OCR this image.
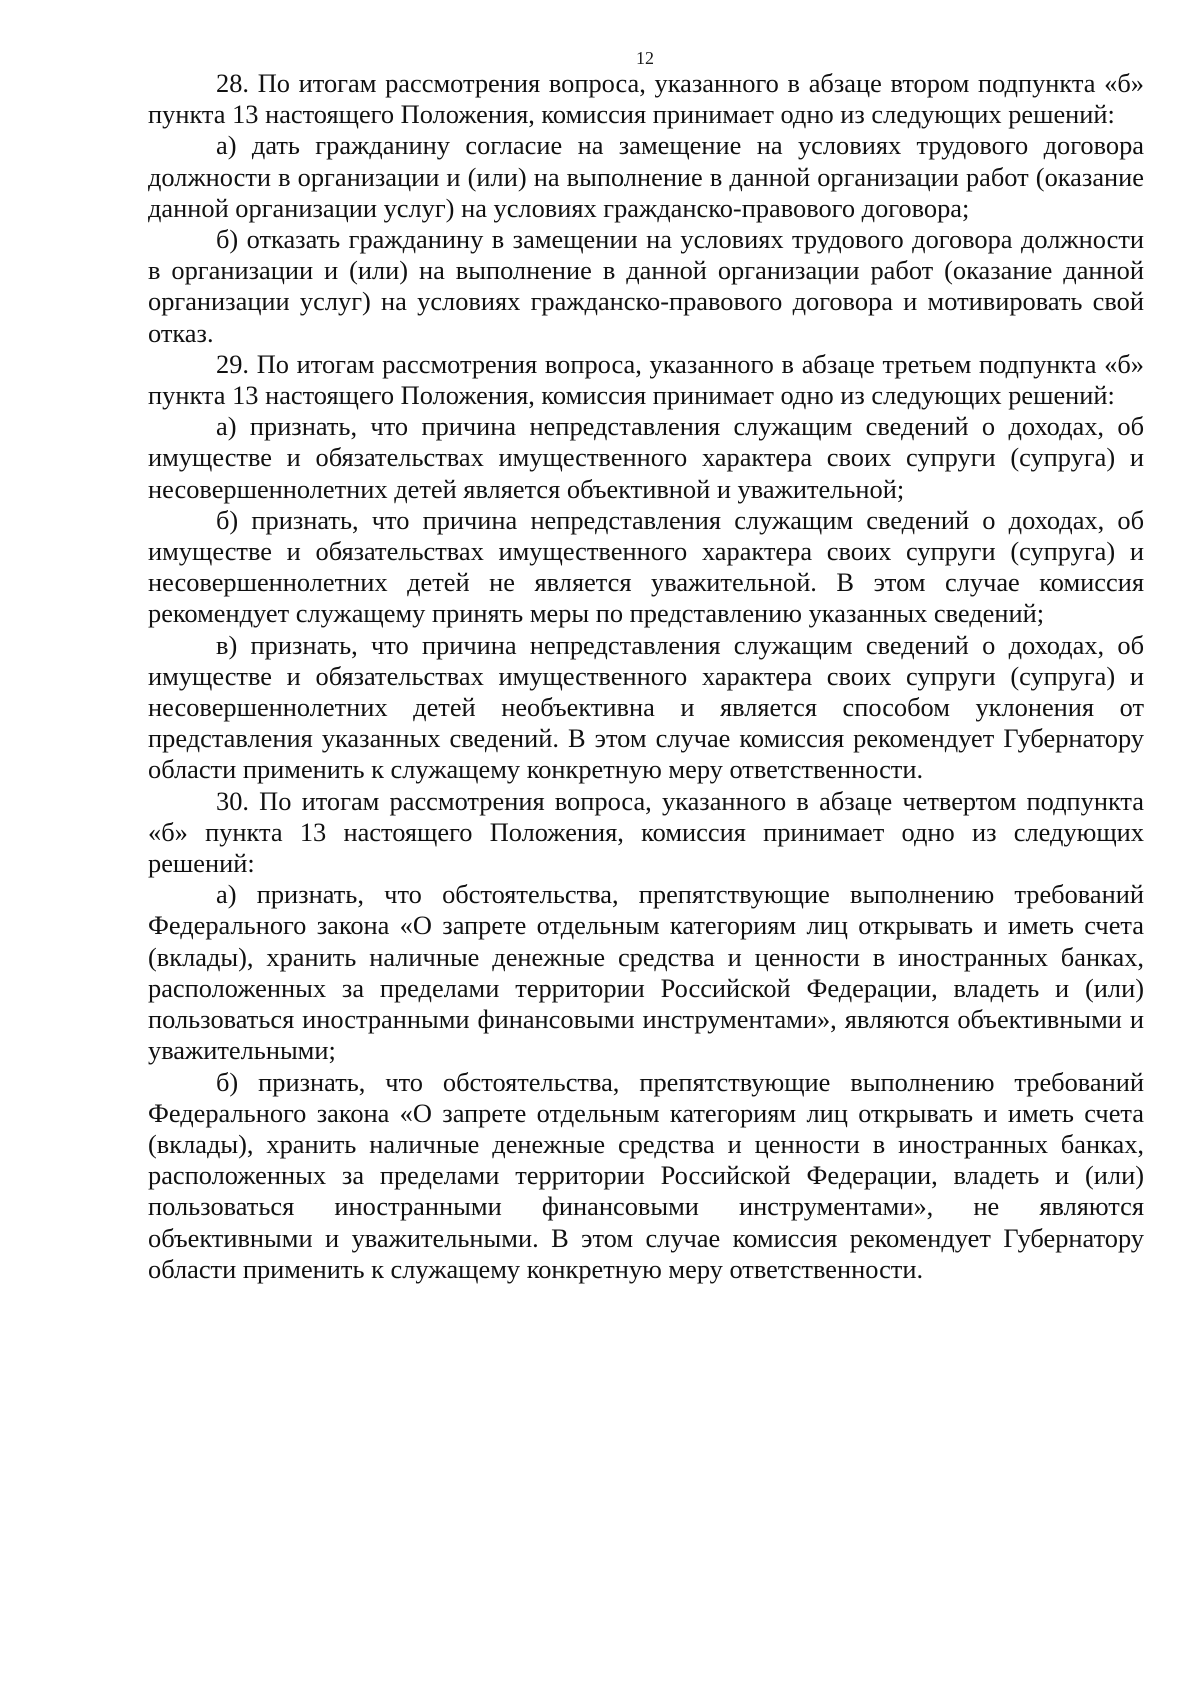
12

28. По итогам рассмотрения вопроса, указанного в абзаце втором подпункта «б» пункта 13 настоящего Положения, комиссия принимает одно из следующих решений:

а) дать гражданину согласие на замещение на условиях трудового договора должности в организации и (или) на выполнение в данной организации работ (оказание данной организации услуг) на условиях гражданско-правового договора;

б) отказать гражданину в замещении на условиях трудового договора должности в организации и (или) на выполнение в данной организации работ (оказание данной организации услуг) на условиях гражданско-правового договора и мотивировать свой отказ.

29. По итогам рассмотрения вопроса, указанного в абзаце третьем подпункта «б» пункта 13 настоящего Положения, комиссия принимает одно из следующих решений:

а) признать, что причина непредставления служащим сведений о доходах, об имуществе и обязательствах имущественного характера своих супруги (супруга) и несовершеннолетних детей является объективной и уважительной;

б) признать, что причина непредставления служащим сведений о доходах, об имуществе и обязательствах имущественного характера своих супруги (супруга) и несовершеннолетних детей не является уважительной. В этом случае комиссия рекомендует служащему принять меры по представлению указанных сведений;

в) признать, что причина непредставления служащим сведений о доходах, об имуществе и обязательствах имущественного характера своих супруги (супруга) и несовершеннолетних детей необъективна и является способом уклонения от представления указанных сведений. В этом случае комиссия рекомендует Губернатору области применить к служащему конкретную меру ответственности.

30. По итогам рассмотрения вопроса, указанного в абзаце четвертом подпункта «б» пункта 13 настоящего Положения, комиссия принимает одно из следующих решений:

а) признать, что обстоятельства, препятствующие выполнению требований Федерального закона «О запрете отдельным категориям лиц открывать и иметь счета (вклады), хранить наличные денежные средства и ценности в иностранных банках, расположенных за пределами территории Российской Федерации, владеть и (или) пользоваться иностранными финансовыми инструментами», являются объективными и уважительными;

б) признать, что обстоятельства, препятствующие выполнению требований Федерального закона «О запрете отдельным категориям лиц открывать и иметь счета (вклады), хранить наличные денежные средства и ценности в иностранных банках, расположенных за пределами территории Российской Федерации, владеть и (или) пользоваться иностранными финансовыми инструментами», не являются объективными и уважительными. В этом случае комиссия рекомендует Губернатору области применить к служащему конкретную меру ответственности.
